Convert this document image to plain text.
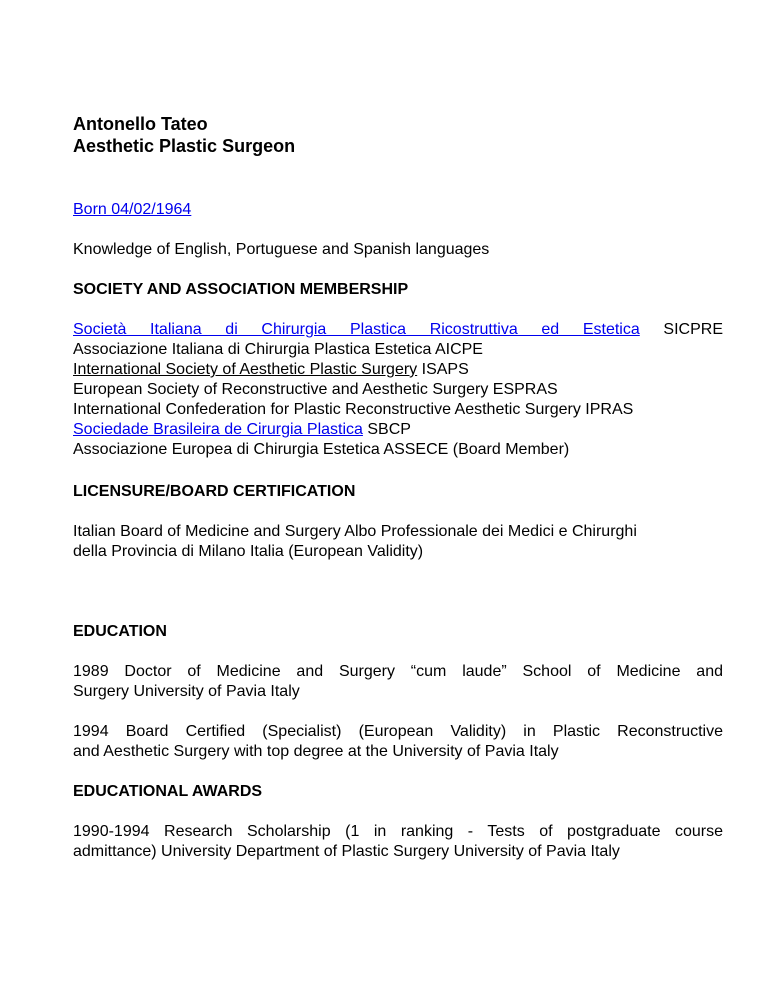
Antonello Tateo
Aesthetic Plastic Surgeon
Born 04/02/1964
Knowledge of English, Portuguese and Spanish languages
SOCIETY AND ASSOCIATION MEMBERSHIP
Società Italiana di Chirurgia Plastica Ricostruttiva ed Estetica SICPRE
Associazione Italiana di Chirurgia Plastica Estetica AICPE
International Society of Aesthetic Plastic Surgery ISAPS
European Society of Reconstructive and Aesthetic Surgery ESPRAS
International Confederation for Plastic Reconstructive Aesthetic Surgery IPRAS
Sociedade Brasileira de Cirurgia Plastica SBCP
Associazione Europea di Chirurgia Estetica ASSECE (Board Member)
LICENSURE/BOARD CERTIFICATION
Italian Board of Medicine and Surgery Albo Professionale dei Medici e Chirurghi
della Provincia di Milano Italia (European Validity)
EDUCATION
1989 Doctor of Medicine and Surgery “cum laude” School of Medicine and
Surgery University of Pavia Italy
1994 Board Certified (Specialist) (European Validity) in Plastic Reconstructive
and Aesthetic Surgery with top degree at the University of Pavia Italy
EDUCATIONAL AWARDS
1990-1994 Research Scholarship (1 in ranking - Tests of postgraduate course
admittance) University Department of Plastic Surgery University of Pavia Italy
